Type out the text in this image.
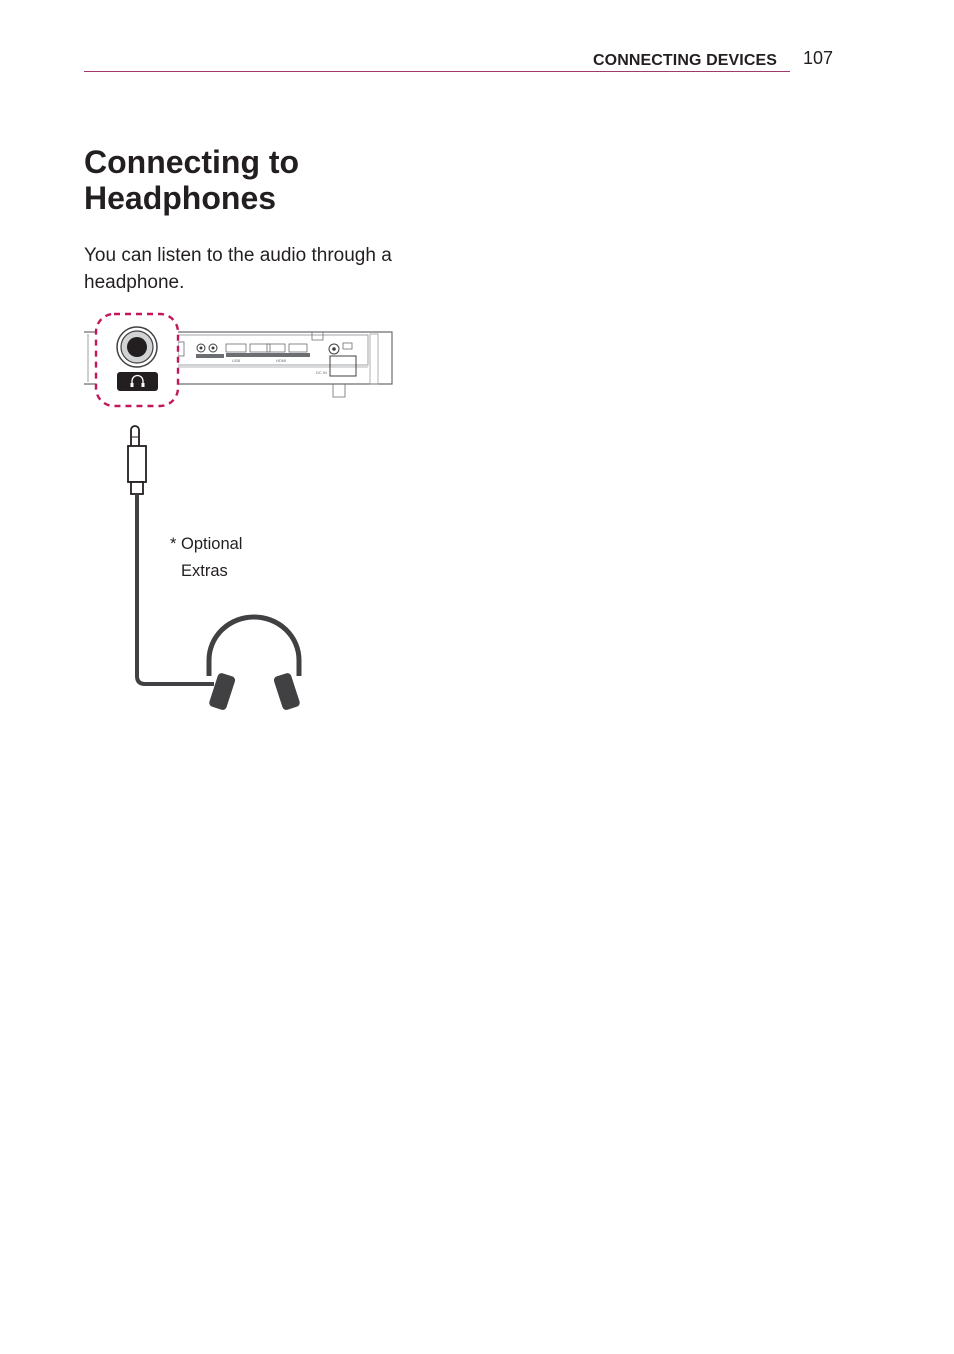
CONNECTING DEVICES 107
Connecting to Headphones

You can listen to the audio through a headphone.

USB	HDMI
DC IN
* Optional
Extras
